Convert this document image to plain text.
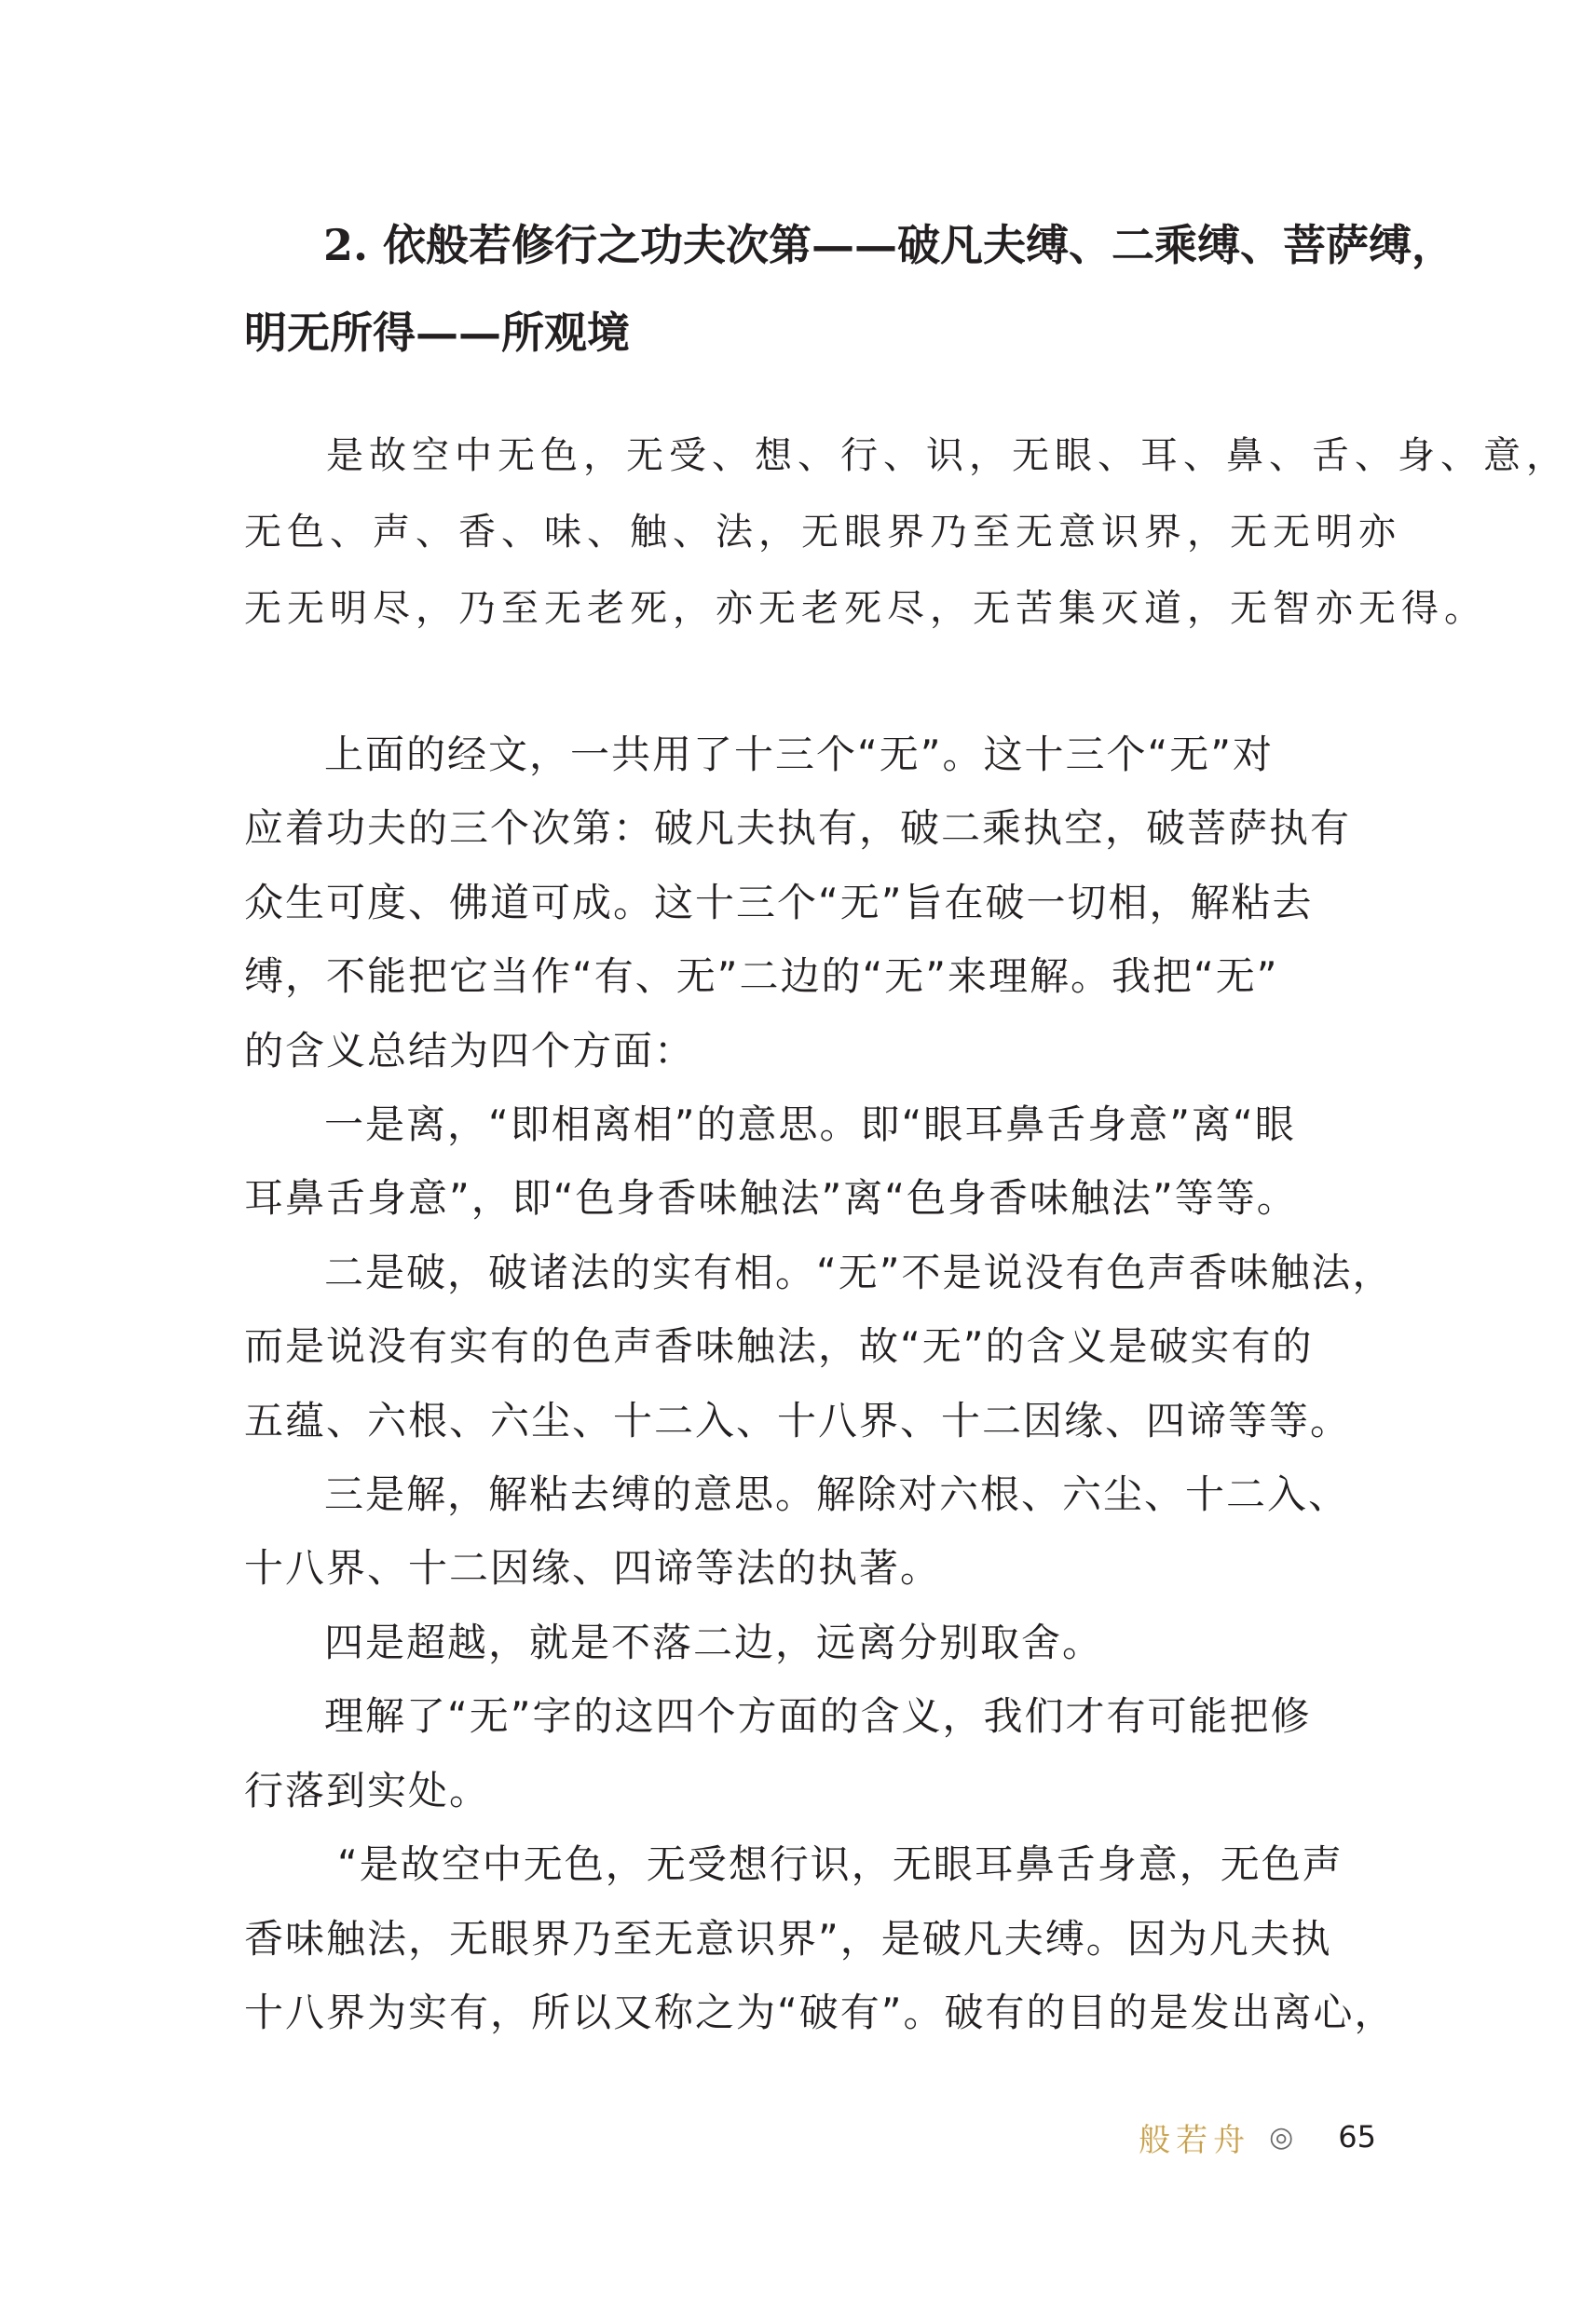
2. 依般若修行之功夫次第——破凡夫缚、二乘缚、菩萨缚，

明无所得——所观境

是故空中无色，无受、想、行、识，无眼、耳、鼻、舌、身、意，

无色、声、香、味、触、法，无眼界乃至无意识界，无无明亦

无无明尽，乃至无老死，亦无老死尽，无苦集灭道，无智亦无得。

上面的经文，一共用了十三个“无”。这十三个“无”对

应着功夫的三个次第：破凡夫执有，破二乘执空，破菩萨执有

众生可度、佛道可成。这十三个“无”旨在破一切相，解粘去

缚，不能把它当作“有、无”二边的“无”来理解。我把“无”

的含义总结为四个方面：

一是离，“即相离相”的意思。即“眼耳鼻舌身意”离“眼

耳鼻舌身意”，即“色身香味触法”离“色身香味触法”等等。

二是破，破诸法的实有相。“无”不是说没有色声香味触法，

而是说没有实有的色声香味触法，故“无”的含义是破实有的

五蕴、六根、六尘、十二入、十八界、十二因缘、四谛等等。

三是解，解粘去缚的意思。解除对六根、六尘、十二入、

十八界、十二因缘、四谛等法的执著。

四是超越，就是不落二边，远离分别取舍。

理解了“无”字的这四个方面的含义，我们才有可能把修

行落到实处。

“是故空中无色，无受想行识，无眼耳鼻舌身意，无色声

香味触法，无眼界乃至无意识界”，是破凡夫缚。因为凡夫执

十八界为实有，所以又称之为“破有”。破有的目的是发出离心，

般若舟 ◎ 65
